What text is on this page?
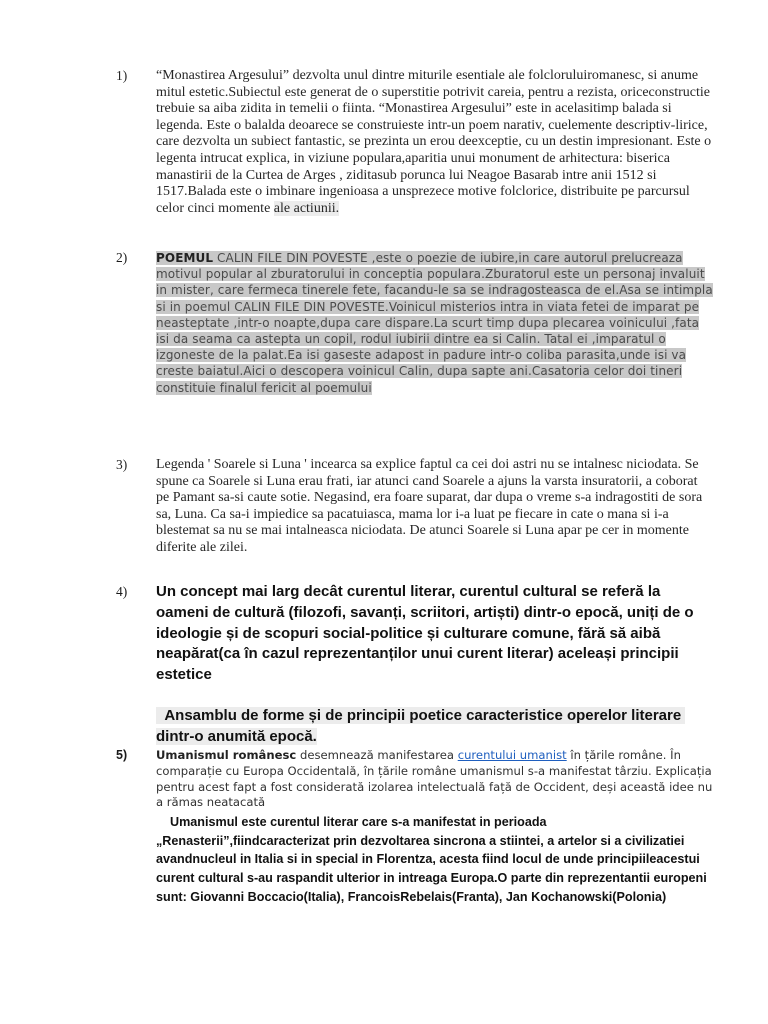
1) “Monastirea Argesului” dezvolta unul dintre miturile esentiale ale folcloruluiromanesc, si anume mitul estetic.Subiectul este generat de o superstitie potrivit careia, pentru a rezista, oriceconstructie trebuie sa aiba zidita in temelii o fiinta. “Monastirea Argesului” este in acelasitimp balada si legenda. Este o balalda deoarece se construieste intr-un poem narativ, cuelemente descriptiv-lirice, care dezvolta un subiect fantastic, se prezinta un erou deexceptie, cu un destin impresionant. Este o legenta intrucat explica, in viziune populara,aparitia unui monument de arhitectura: biserica manastirii de la Curtea de Arges , ziditasub porunca lui Neagoe Basarab intre anii 1512 si 1517.Balada este o imbinare ingenioasa a unsprezece motive folclorice, distribuite pe parcursul celor cinci momente ale actiunii.
2) POEMUL CALIN FILE DIN POVESTE ,este o poezie de iubire,in care autorul prelucreaza motivul popular al zburatorului in conceptia populara.Zburatorul este un personaj invaluit in mister, care fermeca tinerele fete, facandu-le sa se indragosteasca de el.Asa se intimpla si in poemul CALIN FILE DIN POVESTE.Voinicul misterios intra in viata fetei de imparat pe neasteptate ,intr-o noapte,dupa care dispare.La scurt timp dupa plecarea voinicului ,fata isi da seama ca astepta un copil, rodul iubirii dintre ea si Calin. Tatal ei ,imparatul o izgoneste de la palat.Ea isi gaseste adapost in padure intr-o coliba parasita,unde isi va creste baiatul.Aici o descopera voinicul Calin, dupa sapte ani.Casatoria celor doi tineri constituie finalul fericit al poemului
3) Legenda ' Soarele si Luna ' incearca sa explice faptul ca cei doi astri nu se intalnesc niciodata. Se spune ca Soarele si Luna erau frati, iar atunci cand Soarele a ajuns la varsta insuratorii, a coborat pe Pamant sa-si caute sotie. Negasind, era foare suparat, dar dupa o vreme s-a indragostiti de sora sa, Luna. Ca sa-i impiedice sa pacatuiasca, mama lor i-a luat pe fiecare in cate o mana si i-a blestemat sa nu se mai intalneasca niciodata. De atunci Soarele si Luna apar pe cer in momente diferite ale zilei.
4) Un concept mai larg decât curentul literar, curentul cultural se referă la oameni de cultură (filozofi, savanți, scriitori, artiști) dintr-o epocă, uniți de o ideologie și de scopuri social-politice și culturare comune, fără să aibă neapărat(ca în cazul reprezentanților unui curent literar) aceleași principii estetice
Ansamblu de forme și de principii poetice caracteristice operelor literare dintr-o anumită epocă.
5) Umanismul românesc desemnează manifestarea curentului umanist în țările române. În comparație cu Europa Occidentală, în țările române umanismul s-a manifestat târziu. Explicația pentru acest fapt a fost considerată izolarea intelectuală față de Occident, deși această idee nu a rămas neatacată
Umanismul este curentul literar care s-a manifestat in perioada „Renasterii”,fiindcaracterizat prin dezvoltarea sincrona a stiintei, a artelor si a civilizatiei avandnucleul in Italia si in special in Florentza, acesta fiind locul de unde principiileacestui curent cultural s-au raspandit ulterior in intreaga Europa.O parte din reprezentantii europeni sunt: Giovanni Boccacio(Italia), FrancoisRebelais(Franta), Jan Kochanowski(Polonia)
